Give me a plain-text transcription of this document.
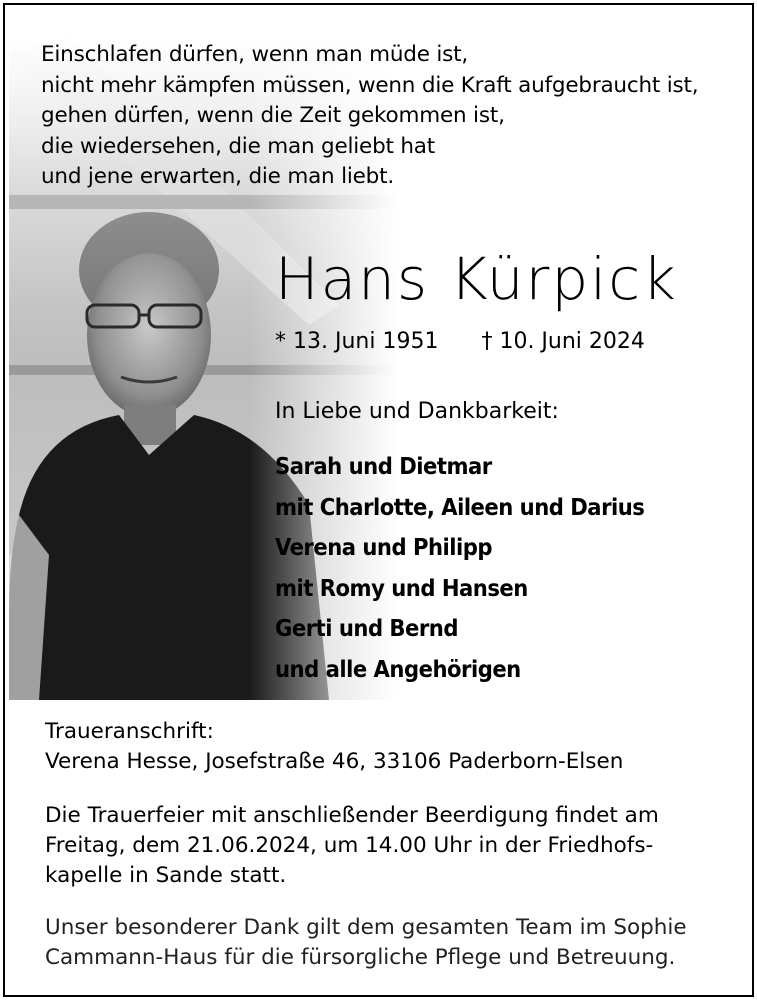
Einschlafen dürfen, wenn man müde ist,
nicht mehr kämpfen müssen, wenn die Kraft aufgebraucht ist,
gehen dürfen, wenn die Zeit gekommen ist,
die wiedersehen, die man geliebt hat
und jene erwarten, die man liebt.
Hans Kürpick
* 13. Juni 1951 † 10. Juni 2024
In Liebe und Dankbarkeit:
Sarah und Dietmar
mit Charlotte, Aileen und Darius
Verena und Philipp
mit Romy und Hansen
Gerti und Bernd
und alle Angehörigen
Traueranschrift:
Verena Hesse, Josefstraße 46, 33106 Paderborn-Elsen
Die Trauerfeier mit anschließender Beerdigung findet am
Freitag, dem 21.06.2024, um 14.00 Uhr in der Friedhofs-
kapelle in Sande statt.
Unser besonderer Dank gilt dem gesamten Team im Sophie
Cammann-Haus für die fürsorgliche Pflege und Betreuung.
